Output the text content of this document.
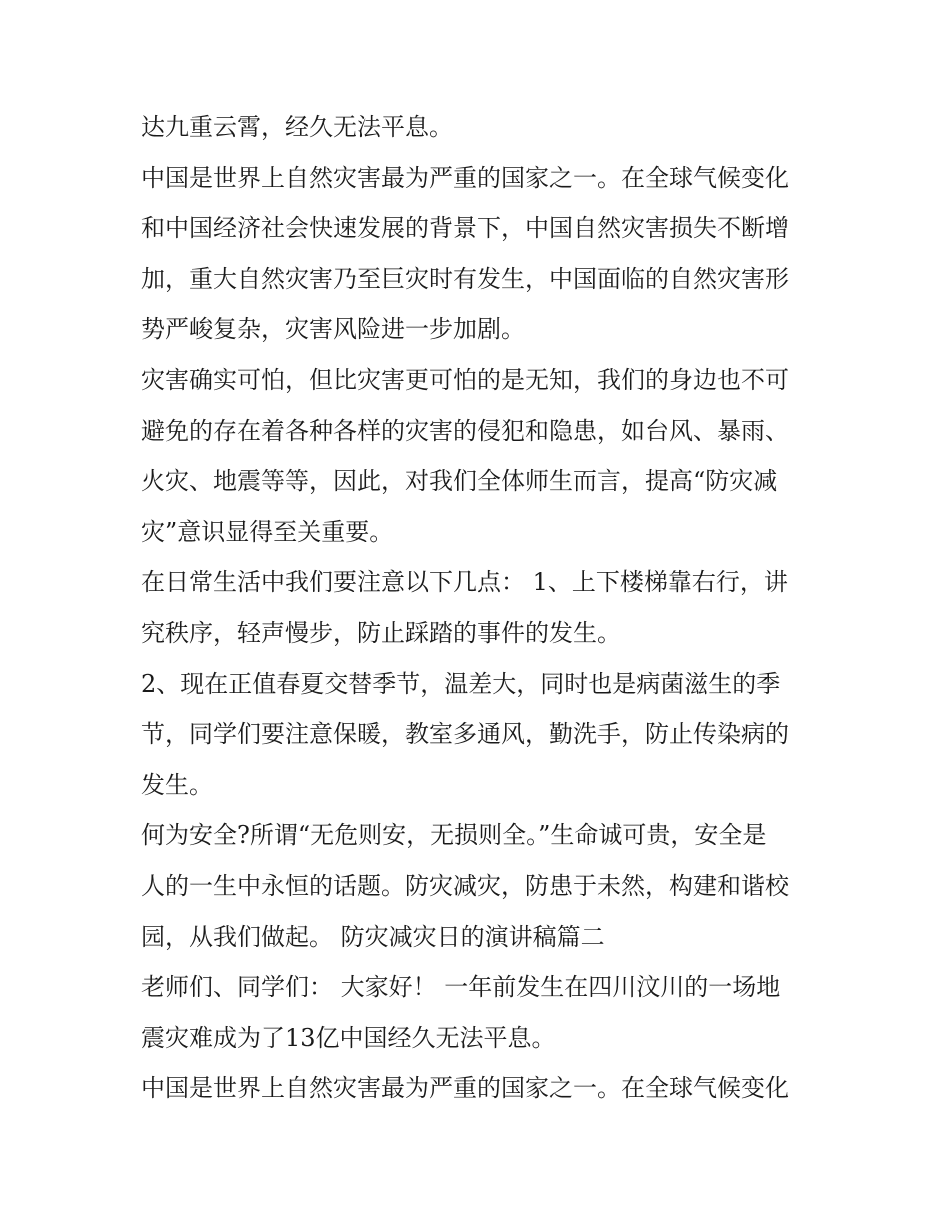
达九重云霄，经久无法平息。
中国是世界上自然灾害最为严重的国家之一。在全球气候变化
和中国经济社会快速发展的背景下，中国自然灾害损失不断增
加，重大自然灾害乃至巨灾时有发生，中国面临的自然灾害形
势严峻复杂，灾害风险进一步加剧。
灾害确实可怕，但比灾害更可怕的是无知，我们的身边也不可
避免的存在着各种各样的灾害的侵犯和隐患，如台风、暴雨、
火灾、地震等等，因此，对我们全体师生而言，提高“防灾减
灾”意识显得至关重要。
在日常生活中我们要注意以下几点： 1、上下楼梯靠右行，讲
究秩序，轻声慢步，防止踩踏的事件的发生。
2、现在正值春夏交替季节，温差大，同时也是病菌滋生的季
节，同学们要注意保暖，教室多通风，勤洗手，防止传染病的
发生。
何为安全?所谓“无危则安，无损则全。”生命诚可贵，安全是
人的一生中永恒的话题。防灾减灾，防患于未然，构建和谐校
园，从我们做起。 防灾减灾日的演讲稿篇二
老师们、同学们： 大家好！ 一年前发生在四川汶川的一场地
震灾难成为了13亿中国经久无法平息。
中国是世界上自然灾害最为严重的国家之一。在全球气候变化
